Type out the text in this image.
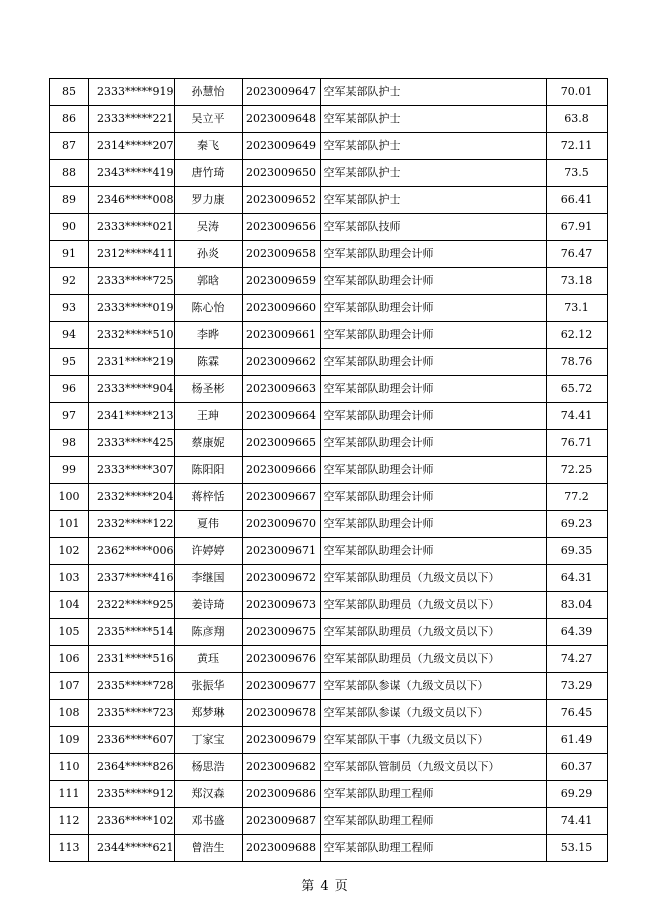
85	2333*****919	孙慧怡	2023009647	空军某部队护士	70.01
86	2333*****221	吴立平	2023009648	空军某部队护士	63.8
87	2314*****207	秦飞	2023009649	空军某部队护士	72.11
88	2343*****419	唐竹琦	2023009650	空军某部队护士	73.5
89	2346*****008	罗力康	2023009652	空军某部队护士	66.41
90	2333*****021	吴涛	2023009656	空军某部队技师	67.91
91	2312*****411	孙炎	2023009658	空军某部队助理会计师	76.47
92	2333*****725	郭晗	2023009659	空军某部队助理会计师	73.18
93	2333*****019	陈心怡	2023009660	空军某部队助理会计师	73.1
94	2332*****510	李晔	2023009661	空军某部队助理会计师	62.12
95	2331*****219	陈霖	2023009662	空军某部队助理会计师	78.76
96	2333*****904	杨圣彬	2023009663	空军某部队助理会计师	65.72
97	2341*****213	王珅	2023009664	空军某部队助理会计师	74.41
98	2333*****425	蔡康妮	2023009665	空军某部队助理会计师	76.71
99	2333*****307	陈阳阳	2023009666	空军某部队助理会计师	72.25
100	2332*****204	蒋梓恬	2023009667	空军某部队助理会计师	77.2
101	2332*****122	夏伟	2023009670	空军某部队助理会计师	69.23
102	2362*****006	许婷婷	2023009671	空军某部队助理会计师	69.35
103	2337*****416	李继国	2023009672	空军某部队助理员（九级文员以下）	64.31
104	2322*****925	姜诗琦	2023009673	空军某部队助理员（九级文员以下）	83.04
105	2335*****514	陈彦翔	2023009675	空军某部队助理员（九级文员以下）	64.39
106	2331*****516	黄珏	2023009676	空军某部队助理员（九级文员以下）	74.27
107	2335*****728	张振华	2023009677	空军某部队参谋（九级文员以下）	73.29
108	2335*****723	郑梦琳	2023009678	空军某部队参谋（九级文员以下）	76.45
109	2336*****607	丁家宝	2023009679	空军某部队干事（九级文员以下）	61.49
110	2364*****826	杨思浩	2023009682	空军某部队管制员（九级文员以下）	60.37
111	2335*****912	郑汉森	2023009686	空军某部队助理工程师	69.29
112	2336*****102	邓书盛	2023009687	空军某部队助理工程师	74.41
113	2344*****621	曾浩生	2023009688	空军某部队助理工程师	53.15
第 4 页
